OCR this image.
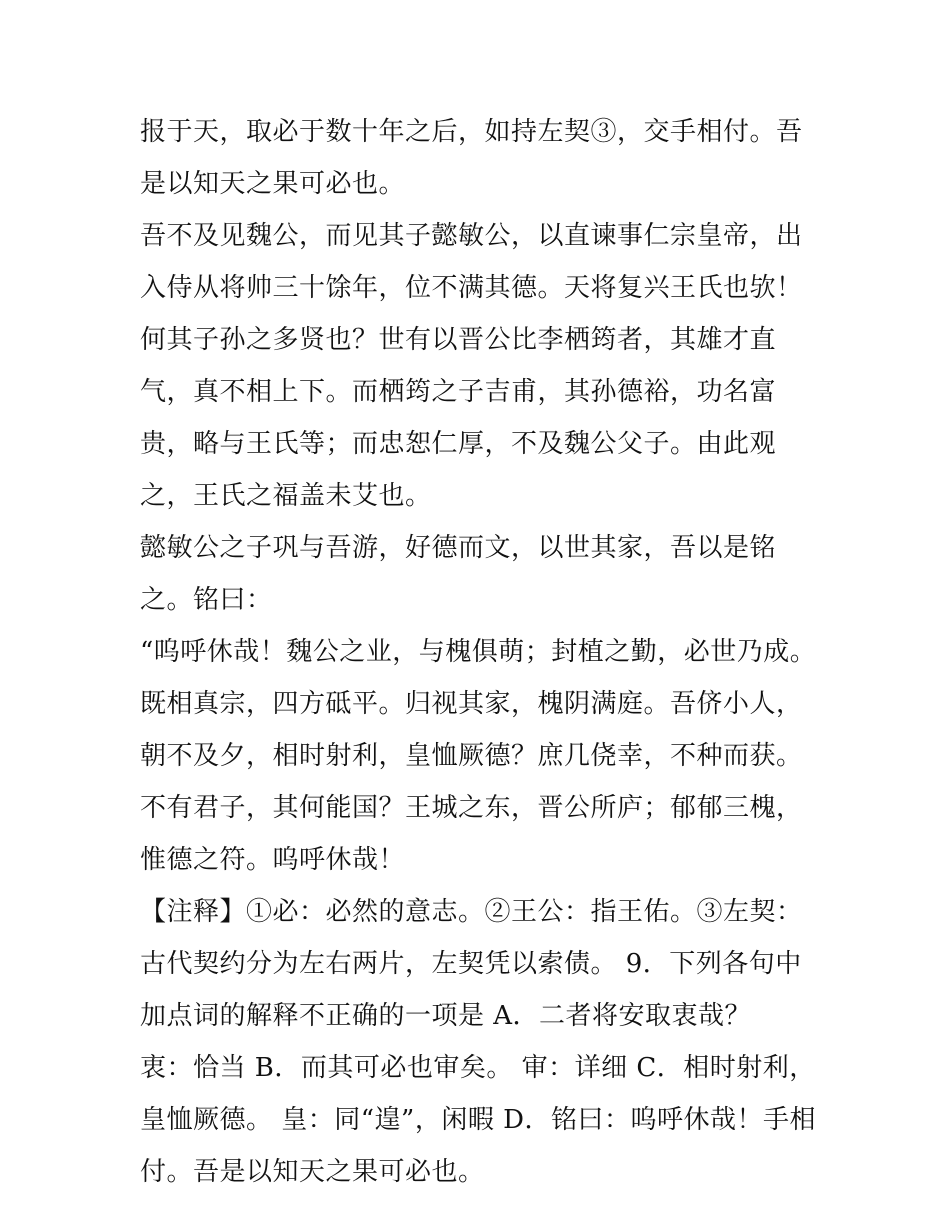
报于天，取必于数十年之后，如持左契③，交手相付。吾是以知天之果可必也。

吾不及见魏公，而见其子懿敏公，以直谏事仁宗皇帝，出入侍从将帅三十馀年，位不满其德。天将复兴王氏也欤！何其子孙之多贤也？世有以晋公比李栖筠者，其雄才直气，真不相上下。而栖筠之子吉甫，其孙德裕，功名富贵，略与王氏等；而忠恕仁厚，不及魏公父子。由此观之，王氏之福盖未艾也。

懿敏公之子巩与吾游，好德而文，以世其家，吾以是铭之。铭曰：

“呜呼休哉！魏公之业，与槐俱萌；封植之勤，必世乃成。既相真宗，四方砥平。归视其家，槐阴满庭。吾侪小人，朝不及夕，相时射利，皇恤厥德？庶几侥幸，不种而获。不有君子，其何能国？王城之东，晋公所庐；郁郁三槐，惟德之符。呜呼休哉！

【注释】①必：必然的意志。②王公：指王佑。③左契：古代契约分为左右两片，左契凭以索债。 9．下列各句中加点词的解释不正确的一项是 A．二者将安取衷哉？

衷：恰当 B．而其可必也审矣。 审：详细 C．相时射利，皇恤厥德。 皇：同“遑”，闲暇 D．铭曰：呜呼休哉！手相付。吾是以知天之果可必也。
